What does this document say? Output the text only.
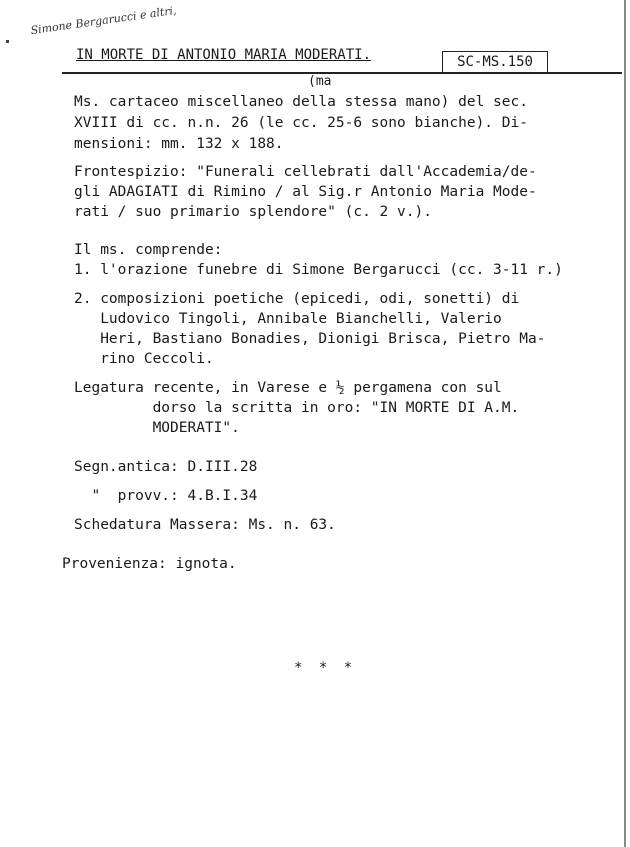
Simone Bergarucci e altri,
IN MORTE DI ANTONIO MARIA MODERATI.	SC-MS.150
(ma
Ms. cartaceo miscellaneo della stessa mano) del sec.
XVIII di cc. n.n. 26 (le cc. 25-6 sono bianche). Di-
mensioni: mm. 132 x 188.
Frontespizio: "Funerali cellebrati dall'Accademia/de-
gli ADAGIATI di Rimino / al Sig.r Antonio Maria Mode-
rati / suo primario splendore" (c. 2 v.).
Il ms. comprende:
1. l'orazione funebre di Simone Bergarucci (cc. 3-11 r.)
2. composizioni poetiche (epicedi, odi, sonetti) di
Ludovico Tingoli, Annibale Bianchelli, Valerio
Heri, Bastiano Bonadies, Dionigi Brisca, Pietro Ma-
rino Ceccoli.
Legatura recente, in Varese e ½ pergamena con sul
dorso la scritta in oro: "IN MORTE DI A.M.
MODERATI".
Segn.antica: D.III.28
"  provv.: 4.B.I.34
Schedatura Massera: Ms. n. 63.
Provenienza: ignota.
* * *
